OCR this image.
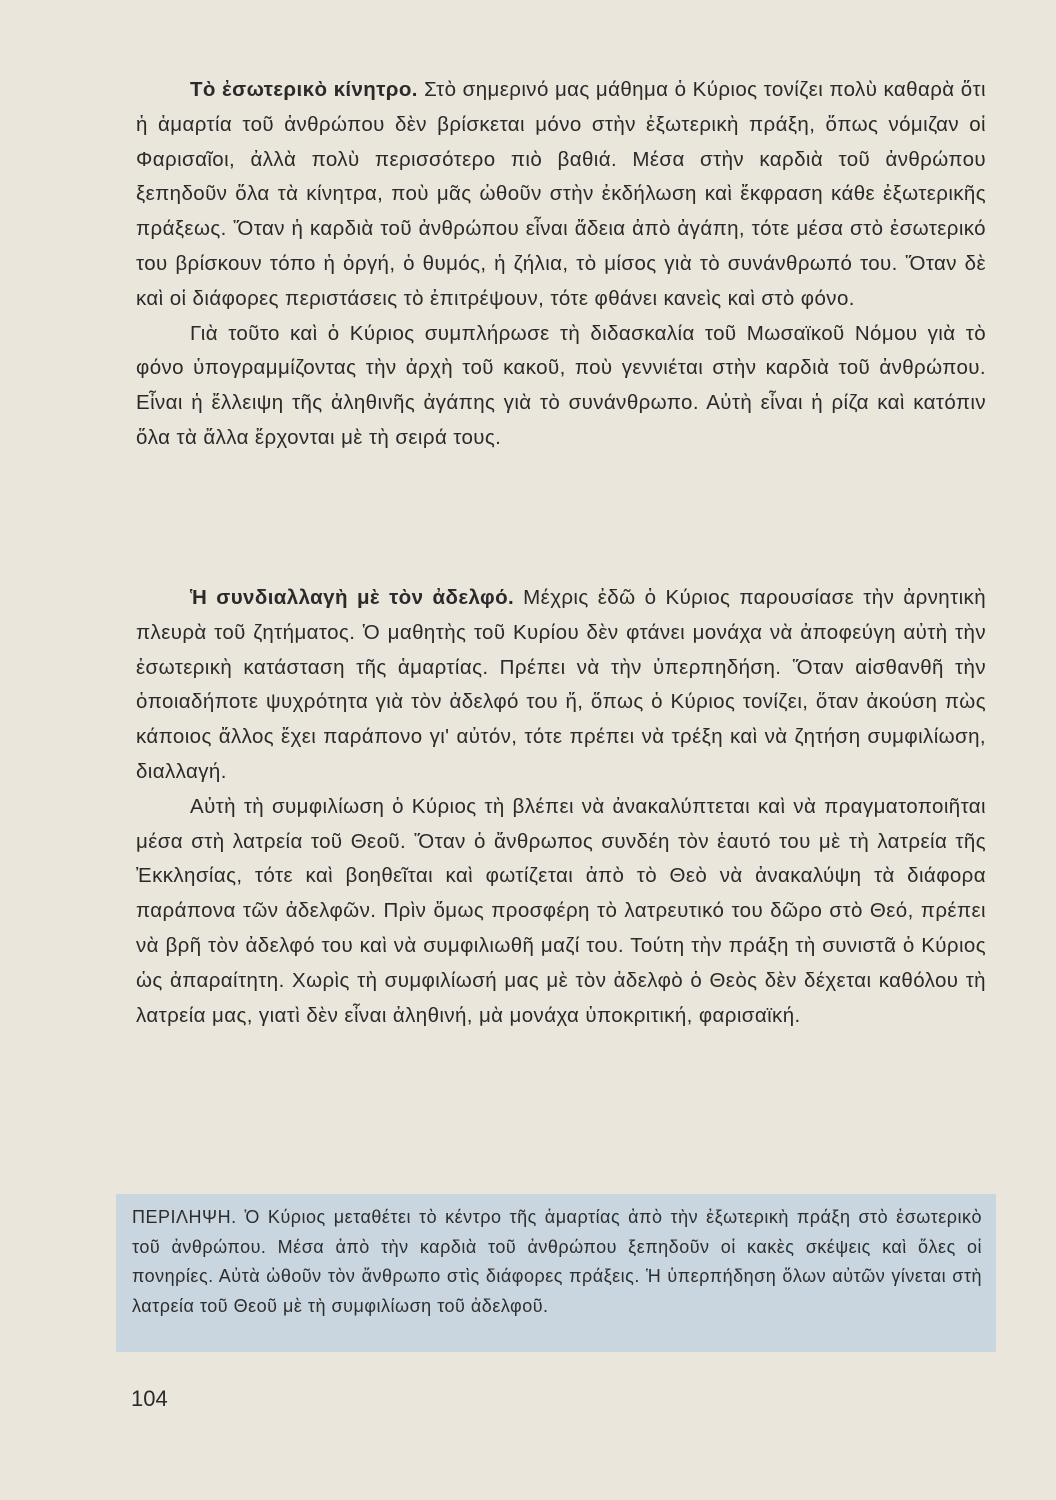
Τὸ ἐσωτερικὸ κίνητρο. Στὸ σημερινό μας μάθημα ὁ Κύριος τονίζει πολὺ καθαρὰ ὅτι ἡ ἁμαρτία τοῦ ἀνθρώπου δὲν βρίσκεται μόνο στὴν ἐξωτερικὴ πράξη, ὅπως νόμιζαν οἱ Φαρισαῖοι, ἀλλὰ πολὺ περισσότερο πιὸ βαθιά. Μέσα στὴν καρδιὰ τοῦ ἀνθρώπου ξεπηδοῦν ὅλα τὰ κίνητρα, ποὺ μᾶς ὠθοῦν στὴν ἐκδήλωση καὶ ἔκφραση κάθε ἐξωτερικῆς πράξεως. Ὅταν ἡ καρδιὰ τοῦ ἀνθρώπου εἶναι ἄδεια ἀπὸ ἀγάπη, τότε μέσα στὸ ἐσωτερικό του βρίσκουν τόπο ἡ ὀργή, ὁ θυμός, ἡ ζήλια, τὸ μίσος γιὰ τὸ συνάνθρωπό του. Ὅταν δὲ καὶ οἱ διάφορες περιστάσεις τὸ ἐπιτρέψουν, τότε φθάνει κανεὶς καὶ στὸ φόνο.

Γιὰ τοῦτο καὶ ὁ Κύριος συμπλήρωσε τὴ διδασκαλία τοῦ Μωσαϊκοῦ Νόμου γιὰ τὸ φόνο ὑπογραμμίζοντας τὴν ἀρχὴ τοῦ κακοῦ, ποὺ γεννιέται στὴν καρδιὰ τοῦ ἀνθρώπου. Εἶναι ἡ ἔλλειψη τῆς ἀληθινῆς ἀγάπης γιὰ τὸ συνάνθρωπο. Αὐτὴ εἶναι ἡ ρίζα καὶ κατόπιν ὅλα τὰ ἄλλα ἔρχονται μὲ τὴ σειρά τους.

Ἡ συνδιαλλαγὴ μὲ τὸν ἀδελφό. Μέχρις ἐδῶ ὁ Κύριος παρουσίασε τὴν ἀρνητικὴ πλευρὰ τοῦ ζητήματος. Ὁ μαθητὴς τοῦ Κυρίου δὲν φτάνει μονάχα νὰ ἀποφεύγη αὐτὴ τὴν ἐσωτερικὴ κατάσταση τῆς ἁμαρτίας. Πρέπει νὰ τὴν ὑπερπηδήση. Ὅταν αἰσθανθῆ τὴν ὁποιαδήποτε ψυχρότητα γιὰ τὸν ἀδελφό του ἤ, ὅπως ὁ Κύριος τονίζει, ὅταν ἀκούση πὼς κάποιος ἄλλος ἔχει παράπονο γι' αὐτόν, τότε πρέπει νὰ τρέξη καὶ νὰ ζητήση συμφιλίωση, διαλλαγή.

Αὐτὴ τὴ συμφιλίωση ὁ Κύριος τὴ βλέπει νὰ ἀνακαλύπτεται καὶ νὰ πραγματοποιῆται μέσα στὴ λατρεία τοῦ Θεοῦ. Ὅταν ὁ ἄνθρωπος συνδέη τὸν ἑαυτό του μὲ τὴ λατρεία τῆς Ἐκκλησίας, τότε καὶ βοηθεῖται καὶ φωτίζεται ἀπὸ τὸ Θεὸ νὰ ἀνακαλύψη τὰ διάφορα παράπονα τῶν ἀδελφῶν. Πρὶν ὅμως προσφέρη τὸ λατρευτικό του δῶρο στὸ Θεό, πρέπει νὰ βρῆ τὸν ἀδελφό του καὶ νὰ συμφιλιωθῆ μαζί του. Τούτη τὴν πράξη τὴ συνιστᾶ ὁ Κύριος ὡς ἀπαραίτητη. Χωρὶς τὴ συμφιλίωσή μας μὲ τὸν ἀδελφὸ ὁ Θεὸς δὲν δέχεται καθόλου τὴ λατρεία μας, γιατὶ δὲν εἶναι ἀληθινή, μὰ μονάχα ὑποκριτική, φαρισαϊκή.

ΠΕΡΙΛΗΨΗ. Ὁ Κύριος μεταθέτει τὸ κέντρο τῆς ἁμαρτίας ἀπὸ τὴν ἐξωτερικὴ πράξη στὸ ἐσωτερικὸ τοῦ ἀνθρώπου. Μέσα ἀπὸ τὴν καρδιὰ τοῦ ἀνθρώπου ξεπηδοῦν οἱ κακὲς σκέψεις καὶ ὅλες οἱ πονηρίες. Αὐτὰ ὠθοῦν τὸν ἄνθρωπο στὶς διάφορες πράξεις. Ἡ ὑπερπήδηση ὅλων αὐτῶν γίνεται στὴ λατρεία τοῦ Θεοῦ μὲ τὴ συμφιλίωση τοῦ ἀδελφοῦ.

104
